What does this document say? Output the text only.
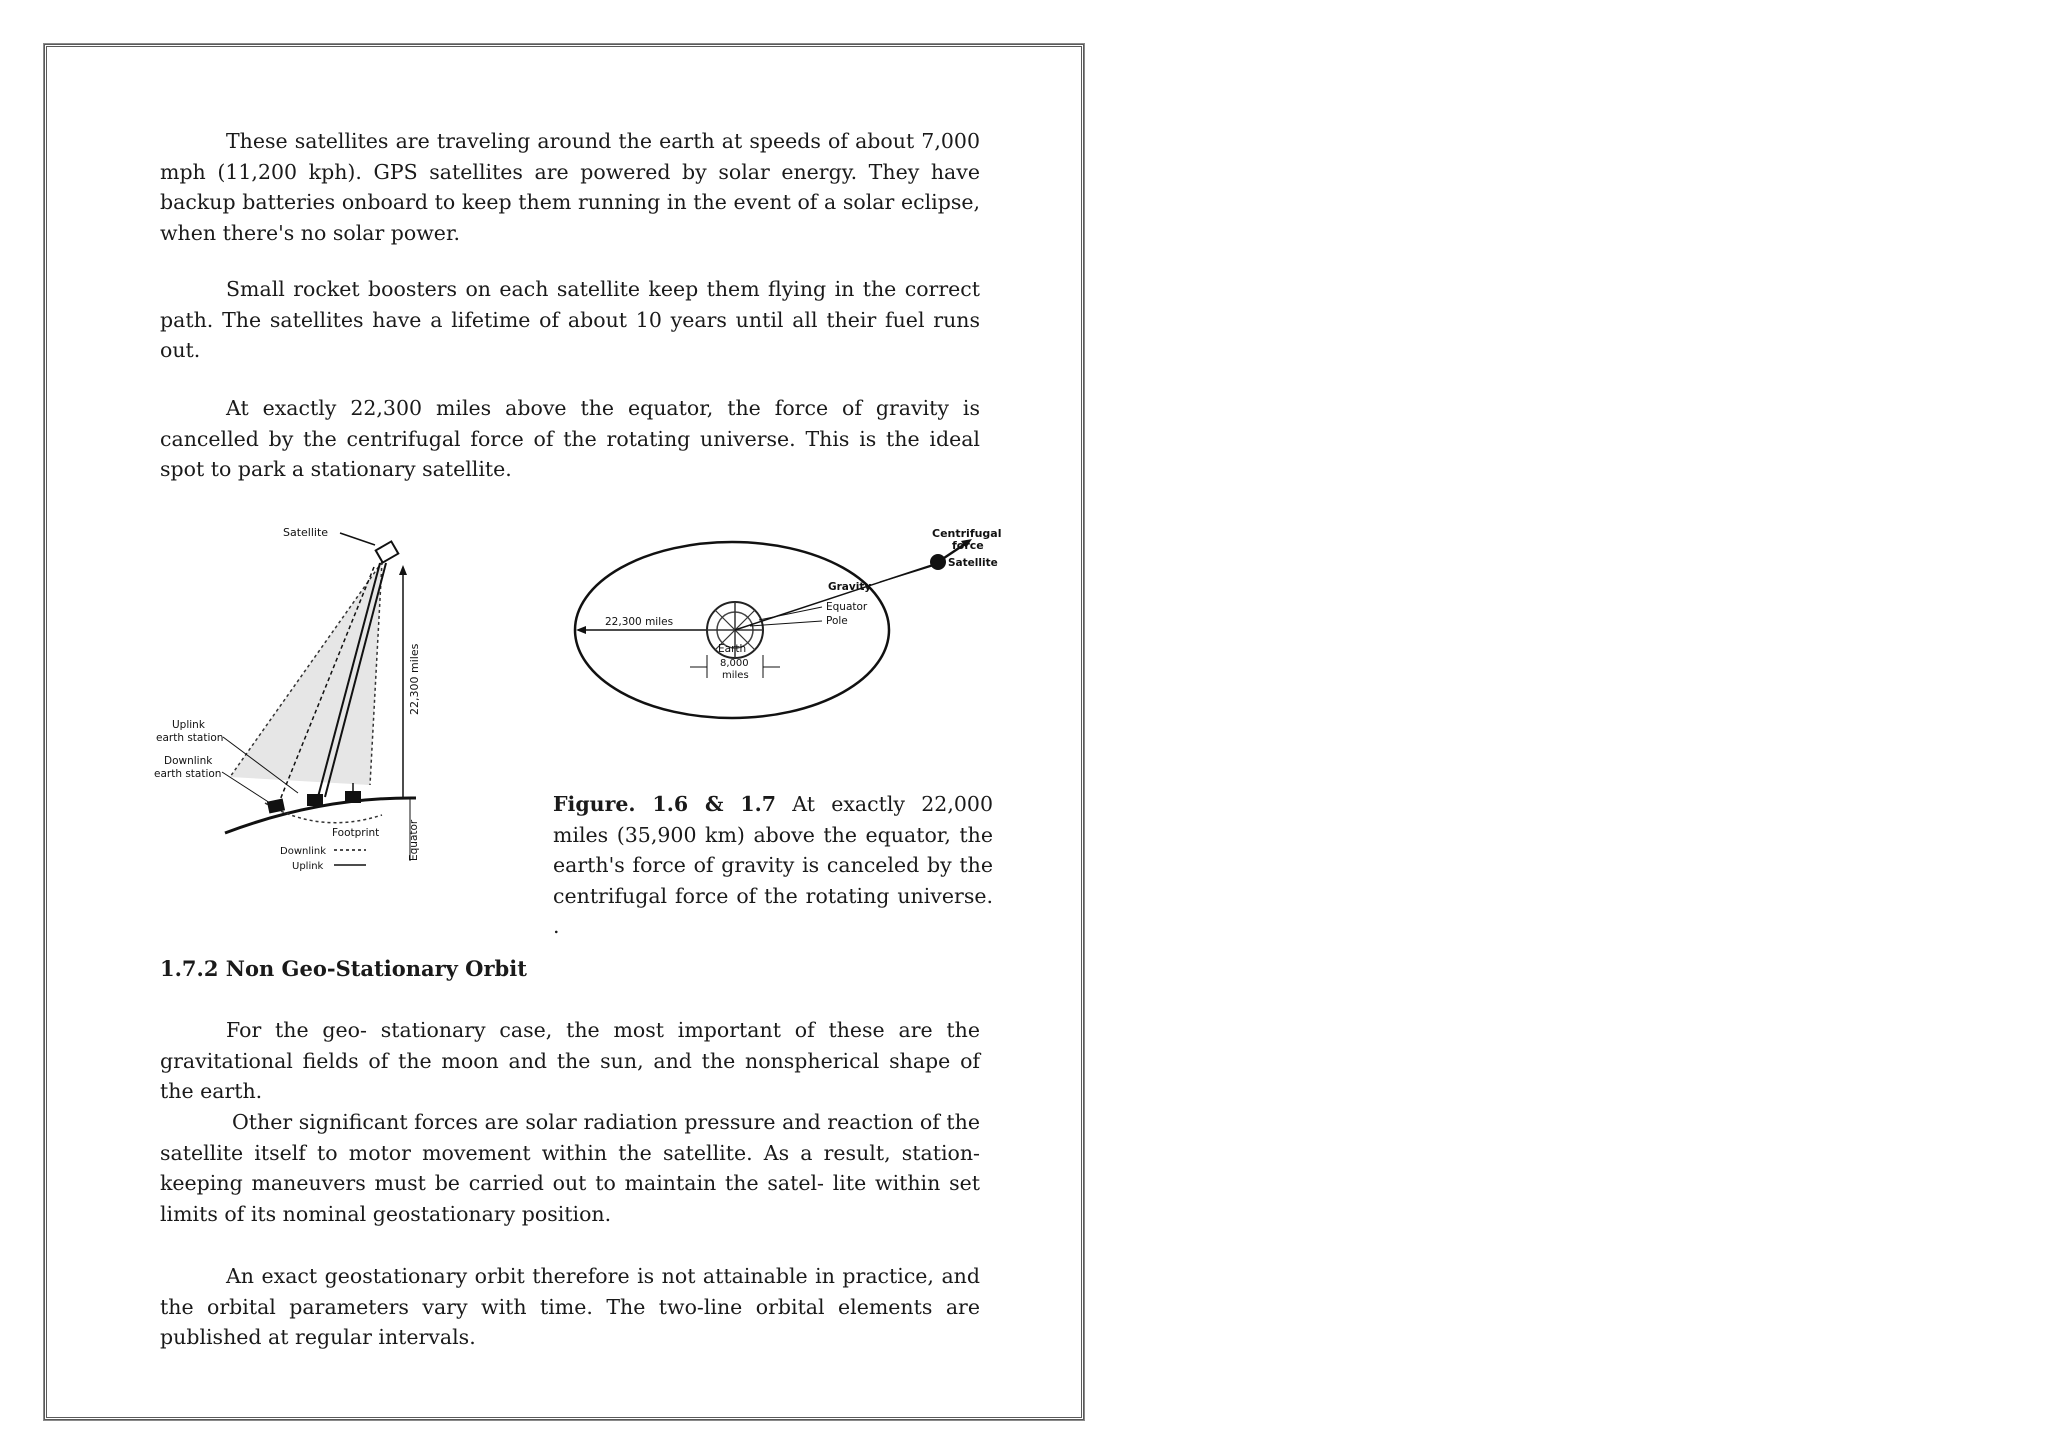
These satellites are traveling around the earth at speeds of about 7,000 mph (11,200 kph). GPS satellites are powered by solar energy. They have backup batteries onboard to keep them running in the event of a solar eclipse, when there's no solar power.

Small rocket boosters on each satellite keep them flying in the correct path. The satellites have a lifetime of about 10 years until all their fuel runs out.

At exactly 22,300 miles above the equator, the force of gravity is cancelled by the centrifugal force of the rotating universe. This is the ideal spot to park a stationary satellite.

Satellite
22,300 miles
Uplink
earth station
Downlink
earth station
Footprint	Equator
Downlink
Uplink
Centrifugal
force
Satellite
Gravity
Equator
Pole
22,300 miles
Earth
8,000
miles

Figure. 1.6 & 1.7 At exactly 22,000 miles (35,900 km) above the equator, the earth's force of gravity is canceled by the centrifugal force of the rotating universe. .

1.7.2 Non Geo-Stationary Orbit

For the geo- stationary case, the most important of these are the gravitational fields of the moon and the sun, and the nonspherical shape of the earth.

Other significant forces are solar radiation pressure and reaction of the satellite itself to motor movement within the satellite. As a result, station-keeping maneuvers must be carried out to maintain the satel- lite within set limits of its nominal geostationary position.

An exact geostationary orbit therefore is not attainable in practice, and the orbital parameters vary with time. The two-line orbital elements are published at regular intervals.
